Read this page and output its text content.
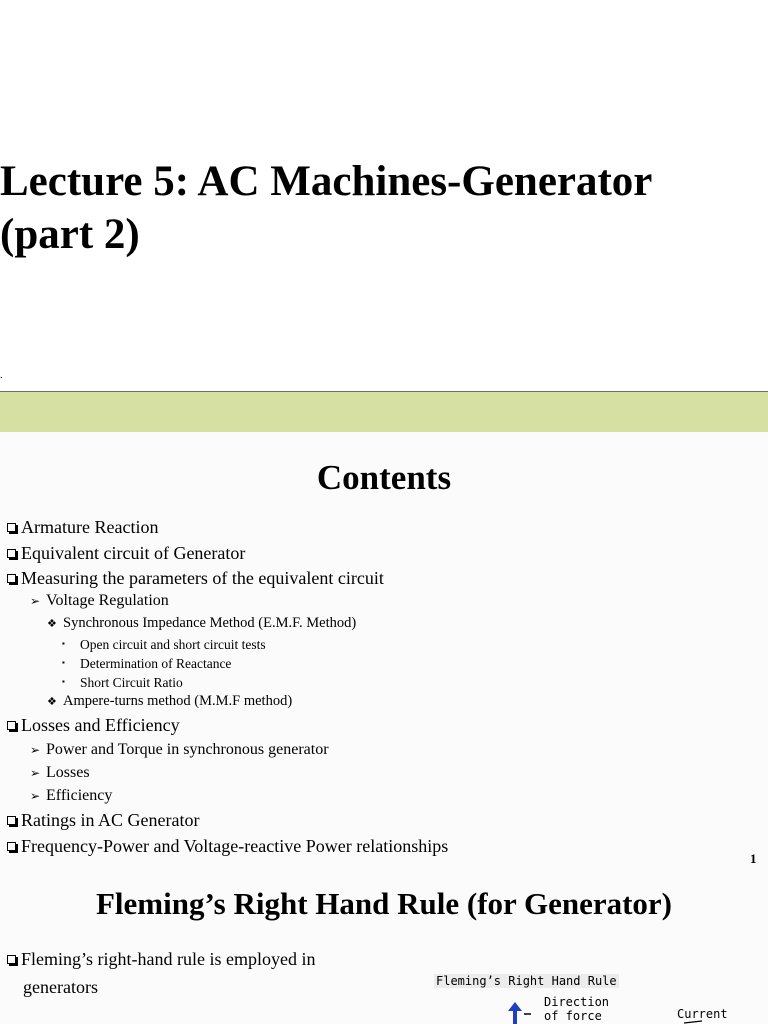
Lecture 5: AC Machines-Generator
(part 2)
.
Contents
Armature Reaction
Equivalent circuit of Generator
Measuring the parameters of the equivalent circuit
➢ Voltage Regulation
❖ Synchronous Impedance Method (E.M.F. Method)
▪ Open circuit and short circuit tests
▪ Determination of Reactance
▪ Short Circuit Ratio
❖ Ampere-turns method (M.M.F method)
Losses and Efficiency
➢ Power and Torque in synchronous generator
➢ Losses
➢ Efficiency
Ratings in AC Generator
Frequency-Power and Voltage-reactive Power relationships
1
Fleming’s Right Hand Rule (for Generator)
Fleming’s right-hand rule is employed in
generators	Fleming’s Right Hand Rule
Direction
of force	Current
